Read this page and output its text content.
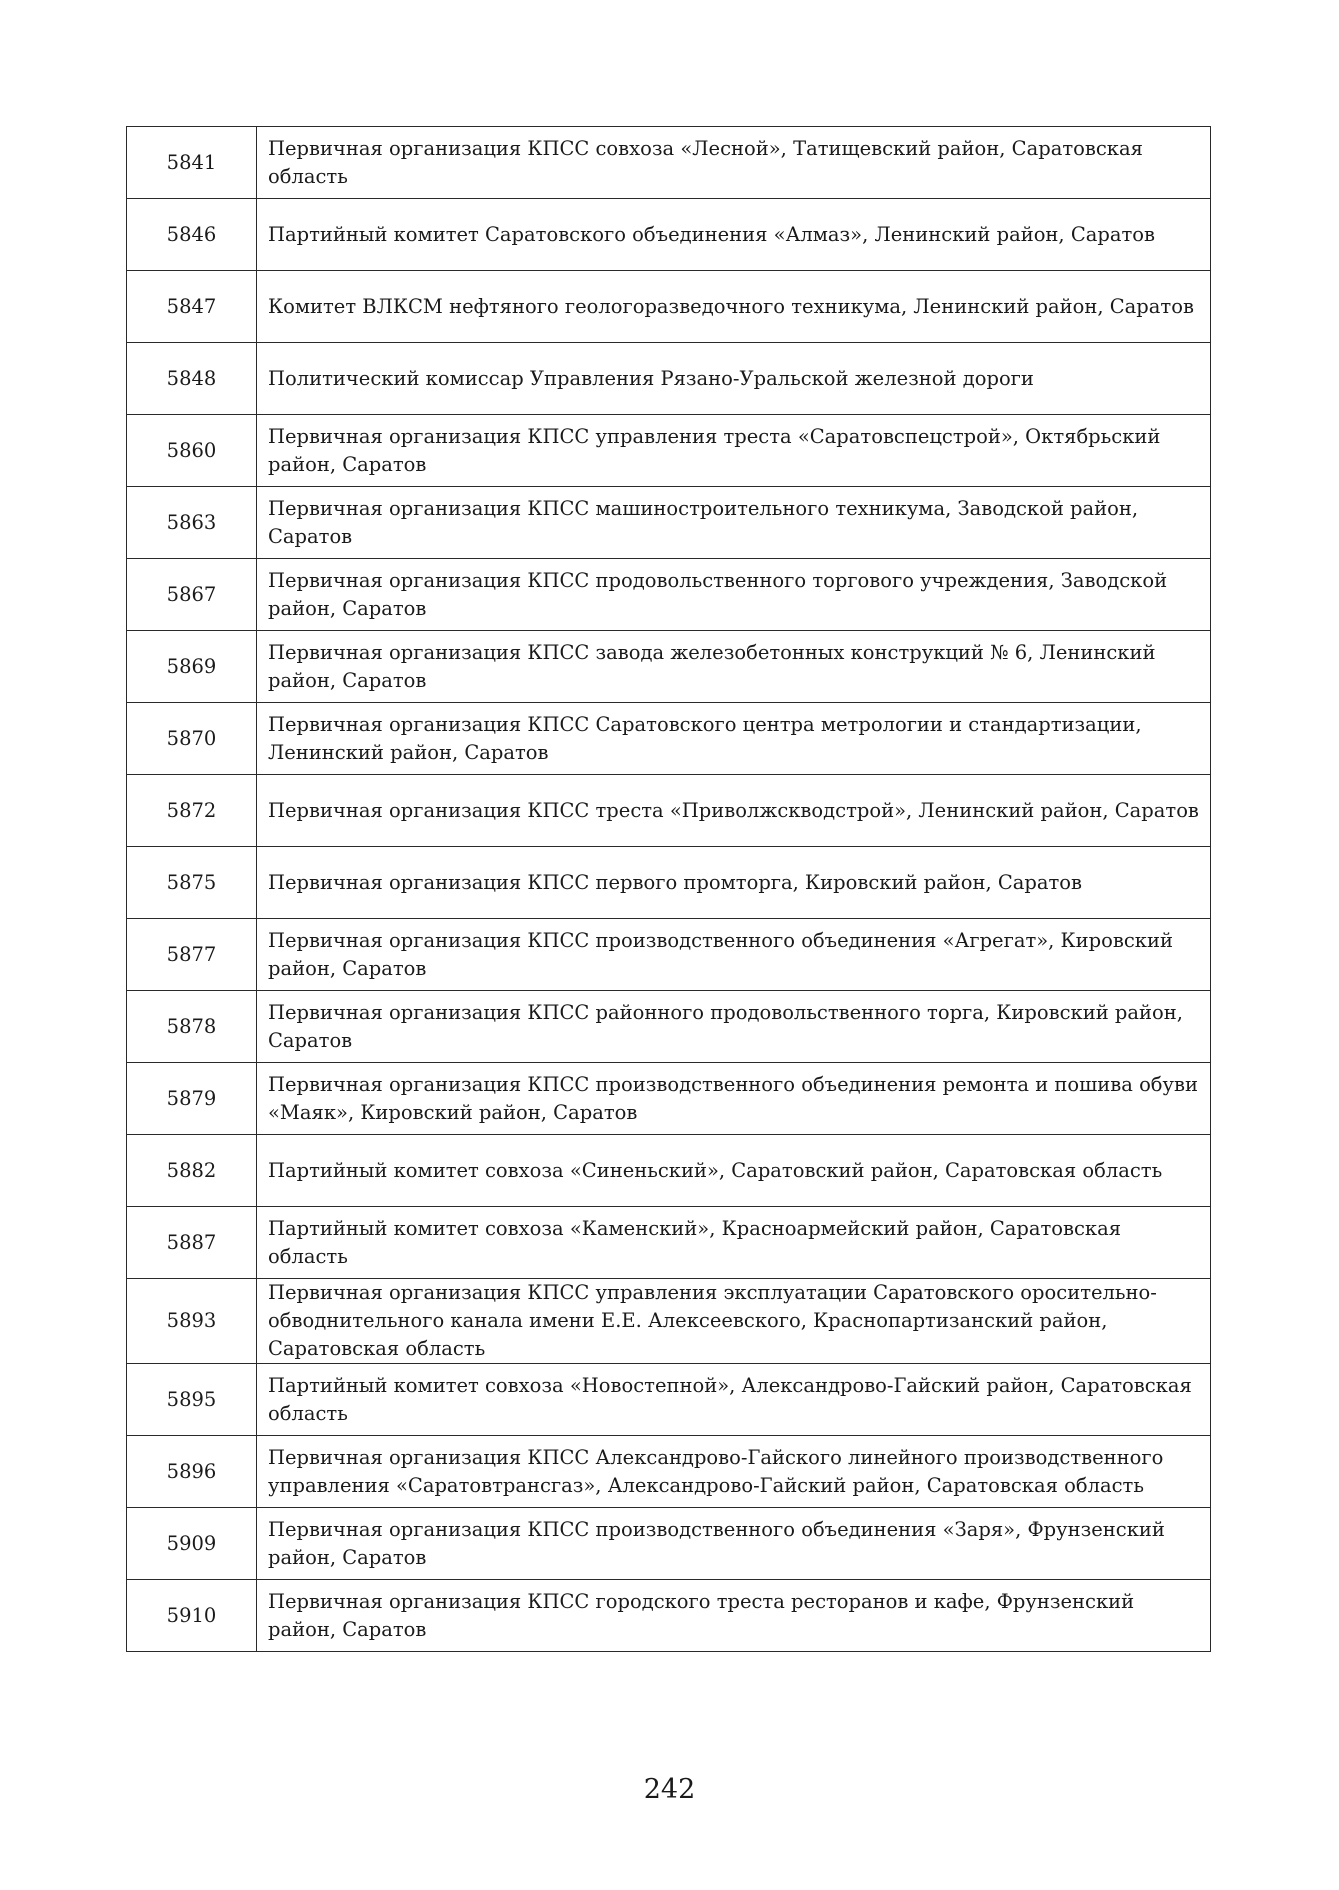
5841	Первичная организация КПСС совхоза «Лесной», Татищевский район, Саратовская область
5846	Партийный комитет Саратовского объединения «Алмаз», Ленинский район, Саратов
5847	Комитет ВЛКСМ нефтяного геологоразведочного техникума, Ленинский район, Саратов
5848	Политический комиссар Управления Рязано-Уральской железной дороги
5860	Первичная организация КПСС управления треста «Саратовспецстрой», Октябрьский район, Саратов
5863	Первичная организация КПСС машиностроительного техникума, Заводской район, Саратов
5867	Первичная организация КПСС продовольственного торгового учреждения, Заводской район, Саратов
5869	Первичная организация КПСС завода железобетонных конструкций № 6, Ленинский район, Саратов
5870	Первичная организация КПСС Саратовского центра метрологии и стандартизации, Ленинский район, Саратов
5872	Первичная организация КПСС треста «Приволжскводстрой», Ленинский район, Саратов
5875	Первичная организация КПСС первого промторга, Кировский район, Саратов
5877	Первичная организация КПСС производственного объединения «Агрегат», Кировский район, Саратов
5878	Первичная организация КПСС районного продовольственного торга, Кировский район, Саратов
5879	Первичная организация КПСС производственного объединения ремонта и пошива обуви «Маяк», Кировский район, Саратов
5882	Партийный комитет совхоза «Синеньский», Саратовский район, Саратовская область
5887	Партийный комитет совхоза «Каменский», Красноармейский район, Саратовская область
5893	Первичная организация КПСС управления эксплуатации Саратовского оросительно-обводнительного канала имени Е.Е. Алексеевского, Краснопартизанский район, Саратовская область
5895	Партийный комитет совхоза «Новостепной», Александрово-Гайский район, Саратовская область
5896	Первичная организация КПСС Александрово-Гайского линейного производственного управления «Саратовтрансгаз», Александрово-Гайский район, Саратовская область
5909	Первичная организация КПСС производственного объединения «Заря», Фрунзенский район, Саратов
5910	Первичная организация КПСС городского треста ресторанов и кафе, Фрунзенский район, Саратов
242
